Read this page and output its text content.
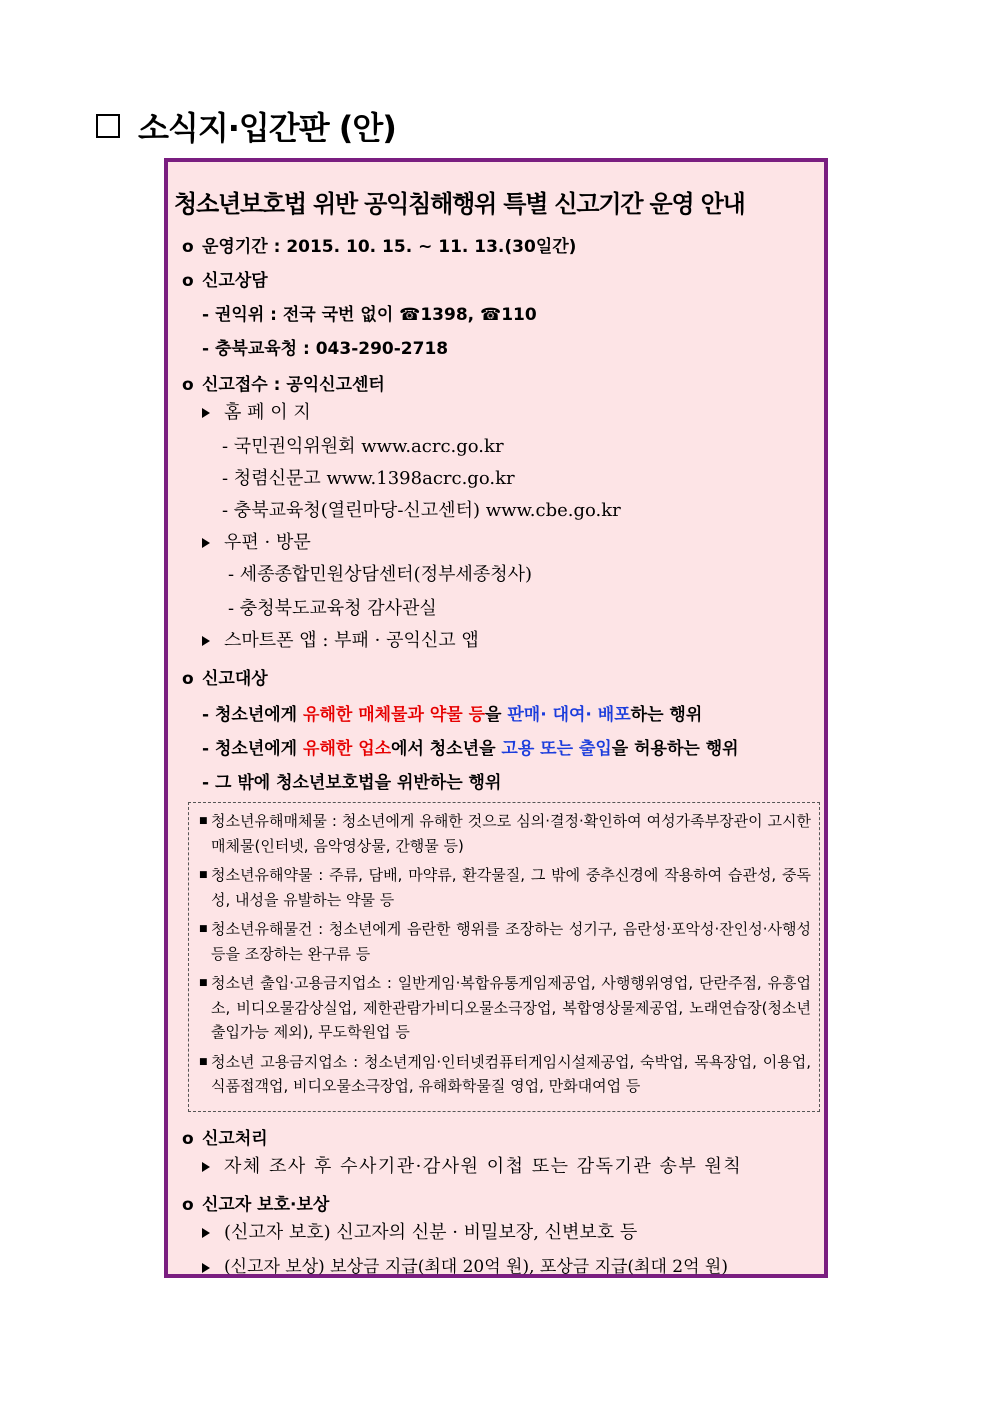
소식지·입간판 (안)
청소년보호법 위반 공익침해행위 특별 신고기간 운영 안내
o 운영기간 : 2015. 10. 15. ~ 11. 13.(30일간)
o 신고상담
- 권익위 : 전국 국번 없이 ☎1398, ☎110
- 충북교육청 : 043-290-2718
o 신고접수 : 공익신고센터
홈 페 이 지
- 국민권익위원회 www.acrc.go.kr
- 청렴신문고 www.1398acrc.go.kr
- 충북교육청(열린마당-신고센터) www.cbe.go.kr
우편 · 방문
- 세종종합민원상담센터(정부세종청사)
- 충청북도교육청 감사관실
스마트폰 앱 : 부패 · 공익신고 앱
o 신고대상
- 청소년에게 유해한 매체물과 약물 등을 판매· 대여· 배포하는 행위
- 청소년에게 유해한 업소에서 청소년을 고용 또는 출입을 허용하는 행위
- 그 밖에 청소년보호법을 위반하는 행위
■ 청소년유해매체물 : 청소년에게 유해한 것으로 심의·결정·확인하여 여성가족부장관이 고시한 매체물(인터넷, 음악영상물, 간행물 등)
■ 청소년유해약물 : 주류, 담배, 마약류, 환각물질, 그 밖에 중추신경에 작용하여 습관성, 중독성, 내성을 유발하는 약물 등
■ 청소년유해물건 : 청소년에게 음란한 행위를 조장하는 성기구, 음란성·포악성·잔인성·사행성 등을 조장하는 완구류 등
■ 청소년 출입·고용금지업소 : 일반게임·복합유통게임제공업, 사행행위영업, 단란주점, 유흥업소, 비디오물감상실업, 제한관람가비디오물소극장업, 복합영상물제공업, 노래연습장(청소년 출입가능 제외), 무도학원업 등
■ 청소년 고용금지업소 : 청소년게임·인터넷컴퓨터게임시설제공업, 숙박업, 목욕장업, 이용업, 식품접객업, 비디오물소극장업, 유해화학물질 영업, 만화대여업 등
o 신고처리
자체 조사 후 수사기관·감사원 이첩 또는 감독기관 송부 원칙
o 신고자 보호·보상
(신고자 보호) 신고자의 신분 · 비밀보장, 신변보호 등
(신고자 보상) 보상금 지급(최대 20억 원), 포상금 지급(최대 2억 원)
